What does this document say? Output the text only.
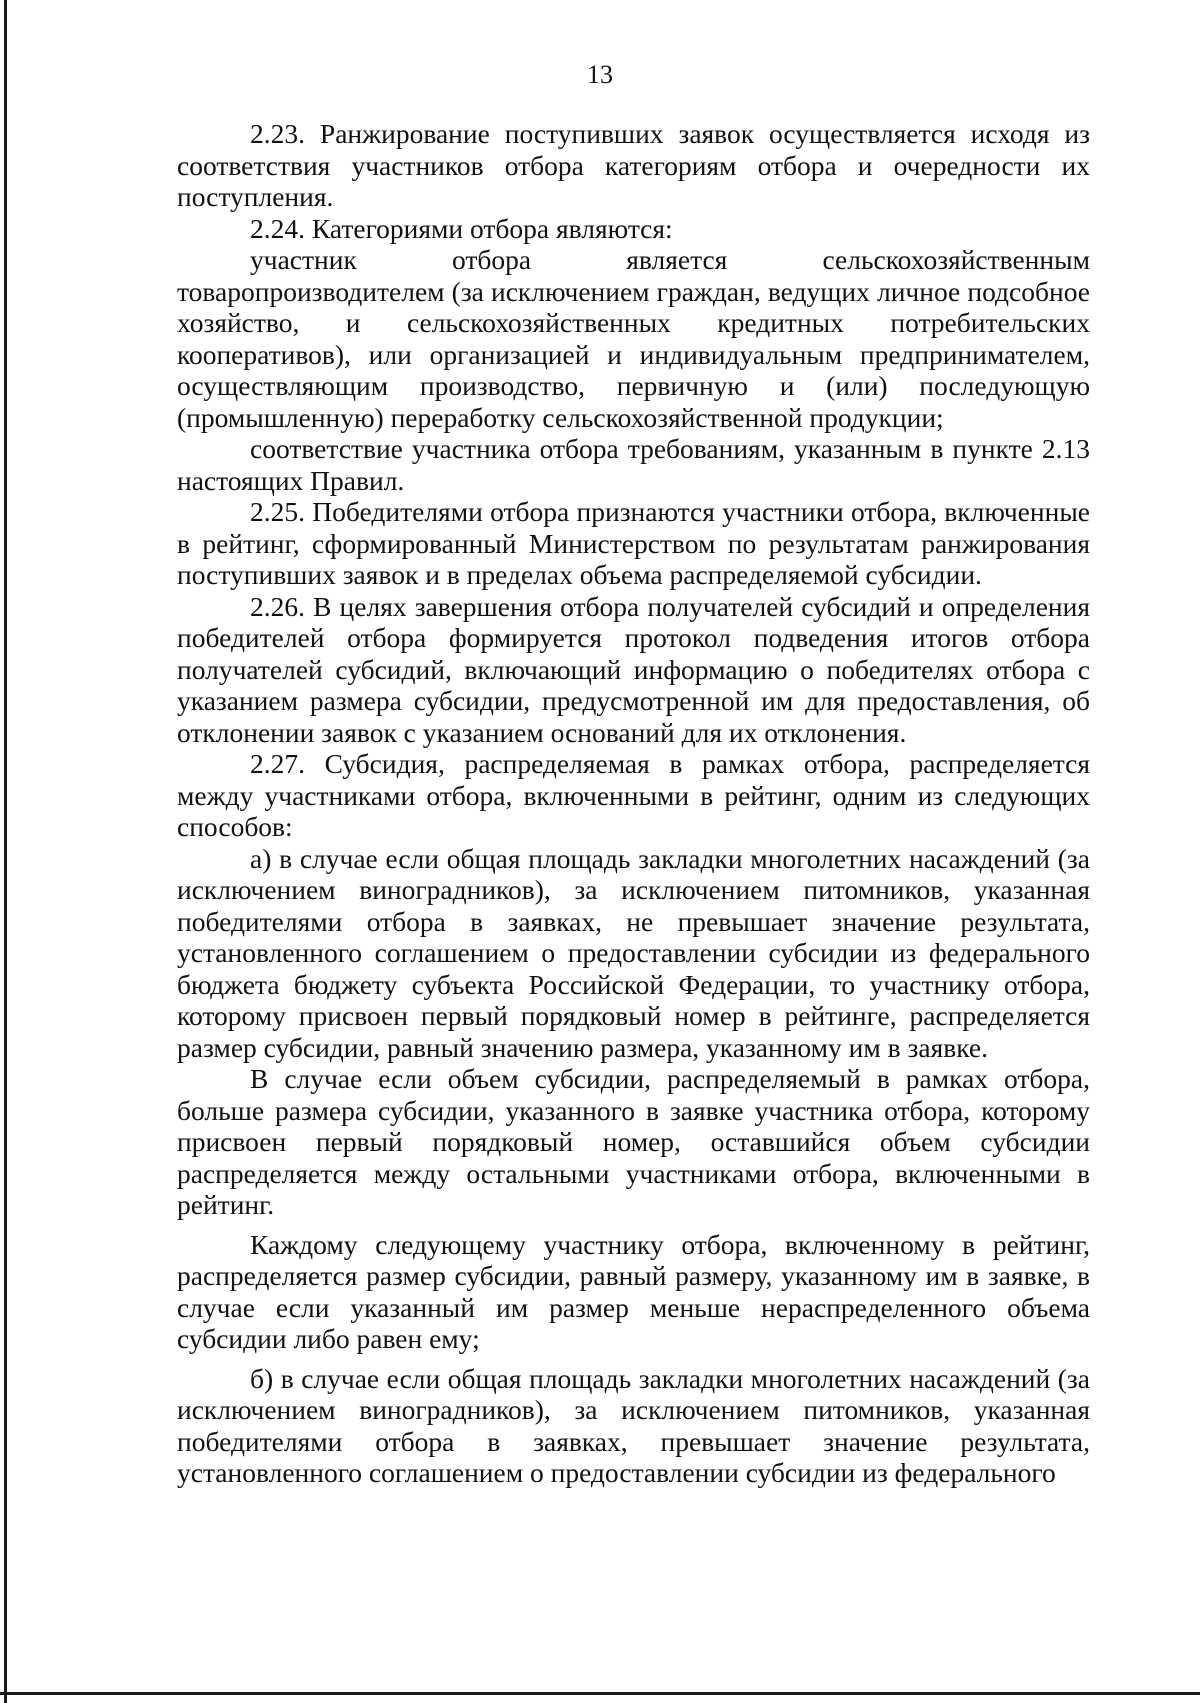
13

2.23. Ранжирование поступивших заявок осуществляется исходя из соответствия участников отбора категориям отбора и очередности их поступления.

2.24. Категориями отбора являются:

участник отбора является сельскохозяйственным товаропроизводителем (за исключением граждан, ведущих личное подсобное хозяйство, и сельскохозяйственных кредитных потребительских кооперативов), или организацией и индивидуальным предпринимателем, осуществляющим производство, первичную и (или) последующую (промышленную) переработку сельскохозяйственной продукции;

соответствие участника отбора требованиям, указанным в пункте 2.13 настоящих Правил.

2.25. Победителями отбора признаются участники отбора, включенные в рейтинг, сформированный Министерством по результатам ранжирования поступивших заявок и в пределах объема распределяемой субсидии.

2.26. В целях завершения отбора получателей субсидий и определения победителей отбора формируется протокол подведения итогов отбора получателей субсидий, включающий информацию о победителях отбора с указанием размера субсидии, предусмотренной им для предоставления, об отклонении заявок с указанием оснований для их отклонения.

2.27. Субсидия, распределяемая в рамках отбора, распределяется между участниками отбора, включенными в рейтинг, одним из следующих способов:

а) в случае если общая площадь закладки многолетних насаждений (за исключением виноградников), за исключением питомников, указанная победителями отбора в заявках, не превышает значение результата, установленного соглашением о предоставлении субсидии из федерального бюджета бюджету субъекта Российской Федерации, то участнику отбора, которому присвоен первый порядковый номер в рейтинге, распределяется размер субсидии, равный значению размера, указанному им в заявке.

В случае если объем субсидии, распределяемый в рамках отбора, больше размера субсидии, указанного в заявке участника отбора, которому присвоен первый порядковый номер, оставшийся объем субсидии распределяется между остальными участниками отбора, включенными в рейтинг.

Каждому следующему участнику отбора, включенному в рейтинг, распределяется размер субсидии, равный размеру, указанному им в заявке, в случае если указанный им размер меньше нераспределенного объема субсидии либо равен ему;

б) в случае если общая площадь закладки многолетних насаждений (за исключением виноградников), за исключением питомников, указанная победителями отбора в заявках, превышает значение результата, установленного соглашением о предоставлении субсидии из федерального
